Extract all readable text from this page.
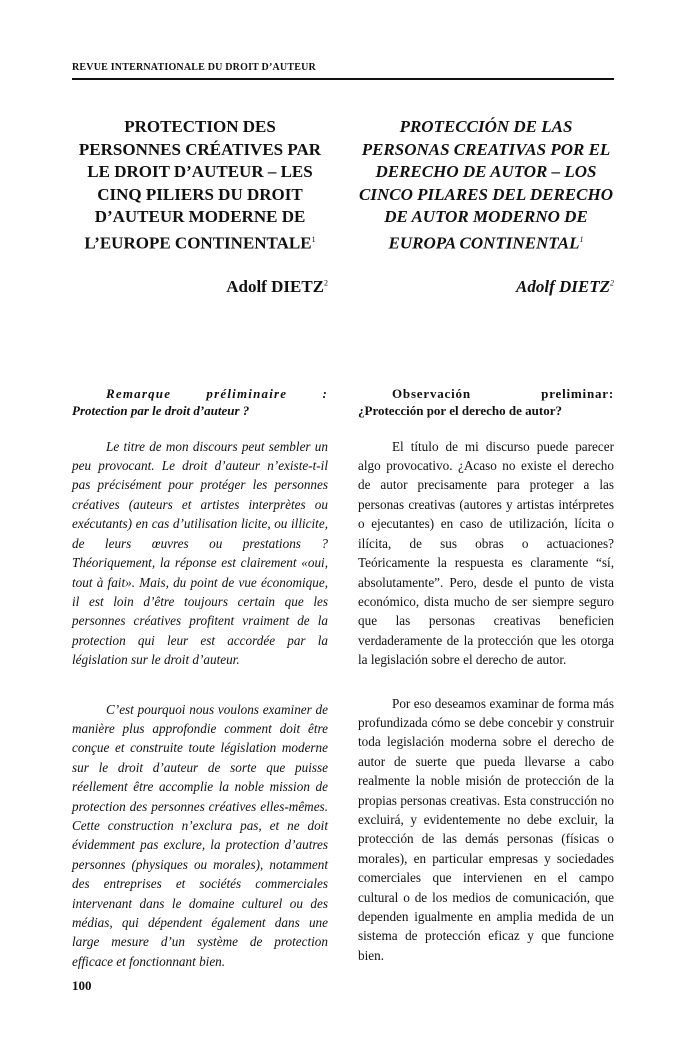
REVUE INTERNATIONALE DU DROIT D’AUTEUR
PROTECTION DES PERSONNES CRÉATIVES PAR LE DROIT D’AUTEUR – LES CINQ PILIERS DU DROIT D’AUTEUR MODERNE DE L’EUROPE CONTINENTALE$^1$
Adolf DIETZ$^2$
Remarque préliminaire :
Protection par le droit d’auteur ?

Le titre de mon discours peut sembler un peu provocant. Le droit d’auteur n’existe-t-il pas précisément pour protéger les personnes créatives (auteurs et artistes interprètes ou exécutants) en cas d’utilisation licite, ou illicite, de leurs œuvres ou prestations ? Théoriquement, la réponse est clairement «oui, tout à fait». Mais, du point de vue économique, il est loin d’être toujours certain que les personnes créatives profitent vraiment de la protection qui leur est accordée par la législation sur le droit d’auteur.

C’est pourquoi nous voulons examiner de manière plus approfondie comment doit être conçue et construite toute législation moderne sur le droit d’auteur de sorte que puisse réellement être accomplie la noble mission de protection des personnes créatives elles-mêmes. Cette construction n’exclura pas, et ne doit évidemment pas exclure, la protection d’autres personnes (physiques ou morales), notamment des entreprises et sociétés commerciales intervenant dans le domaine culturel ou des médias, qui dépendent également dans une large mesure d’un système de protection efficace et fonctionnant bien.

PROTECCIÓN DE LAS PERSONAS CREATIVAS POR EL DERECHO DE AUTOR – LOS CINCO PILARES DEL DERECHO DE AUTOR MODERNO DE EUROPA CONTINENTAL$^1$
Adolf DIETZ$^2$
Observación preliminar:
¿Protección por el derecho de autor?

El título de mi discurso puede parecer algo provocativo. ¿Acaso no existe el derecho de autor precisamente para proteger a las personas creativas (autores y artistas intérpretes o ejecutantes) en caso de utilización, lícita o ilícita, de sus obras o actuaciones? Teóricamente la respuesta es claramente “sí, absolutamente”. Pero, desde el punto de vista económico, dista mucho de ser siempre seguro que las personas creativas beneficien verdaderamente de la protección que les otorga la legislación sobre el derecho de autor.

Por eso deseamos examinar de forma más profundizada cómo se debe concebir y construir toda legislación moderna sobre el derecho de autor de suerte que pueda llevarse a cabo realmente la noble misión de protección de la propias personas creativas. Esta construcción no excluirá, y evidentemente no debe excluir, la protección de las demás personas (físicas o morales), en particular empresas y sociedades comerciales que intervienen en el campo cultural o de los medios de comunicación, que dependen igualmente en amplia medida de un sistema de protección eficaz y que funcione bien.

100
